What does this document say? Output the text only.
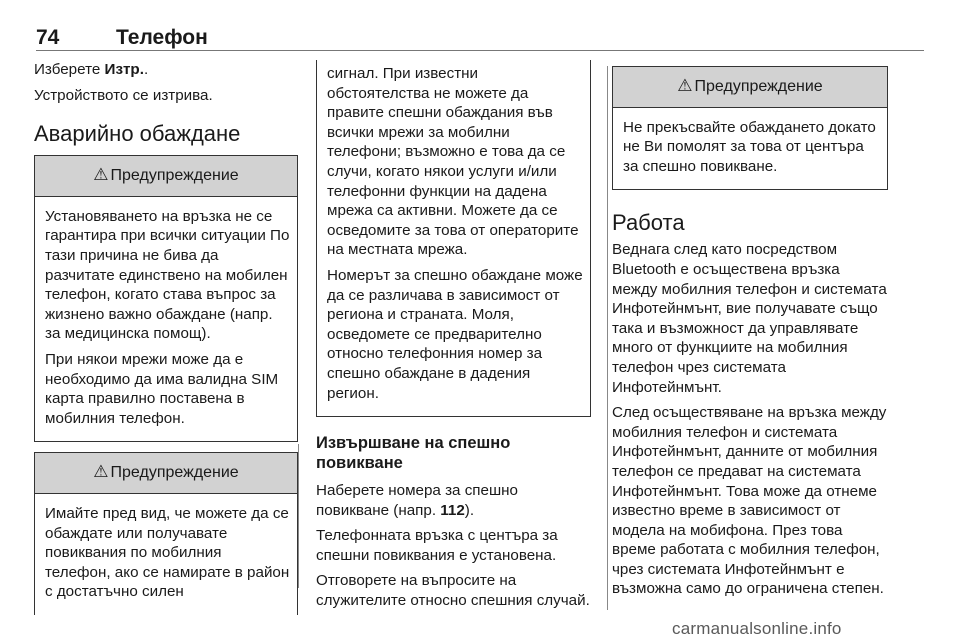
74	Телефон

Изберете Изтр..

Устройството се изтрива.

Аварийно обаждане
⚠ Предупреждение

Установяването на връзка не се гарантира при всички ситуации По тази причина не бива да разчитате единствено на мобилен телефон, когато става въпрос за жизнено важно обаждане (напр. за медицинска помощ).

При някои мрежи може да е необходимо да има валидна SIM карта правилно поставена в мобилния телефон.

⚠ Предупреждение

Имайте пред вид, че можете да се обаждате или получавате повиквания по мобилния телефон, ако се намирате в район с достатъчно силен

сигнал. При известни обстоятелства не можете да правите спешни обаждания във всички мрежи за мобилни телефони; възможно е това да се случи, когато някои услуги и/или телефонни функции на дадена мрежа са активни. Можете да се осведомите за това от операторите на местната мрежа.

Номерът за спешно обаждане може да се различава в зависимост от региона и страната. Моля, осведомете се предварително относно телефонния номер за спешно обаждане в дадения регион.

Извършване на спешно повикване

Наберете номера за спешно повикване (напр. 112).

Телефонната връзка с центъра за спешни повиквания е установена.

Отговорете на въпросите на служителите относно спешния случай.

⚠ Предупреждение

Не прекъсвайте обаждането докато не Ви помолят за това от центъра за спешно повикване.

Работа

Веднага след като посредством Bluetooth е осъществена връзка между мобилния телефон и системата Инфотейнмънт, вие получавате също така и възможност да управлявате много от функциите на мобилния телефон чрез системата Инфотейнмънт.

След осъществяване на връзка между мобилния телефон и системата Инфотейнмънт, данните от мобилния телефон се предават на системата Инфотейнмънт. Това може да отнеме известно време в зависимост от модела на мобифона. През това време работата с мобилния телефон, чрез системата Инфотейнмънт е възможна само до ограничена степен.

carmanualsonline.info
